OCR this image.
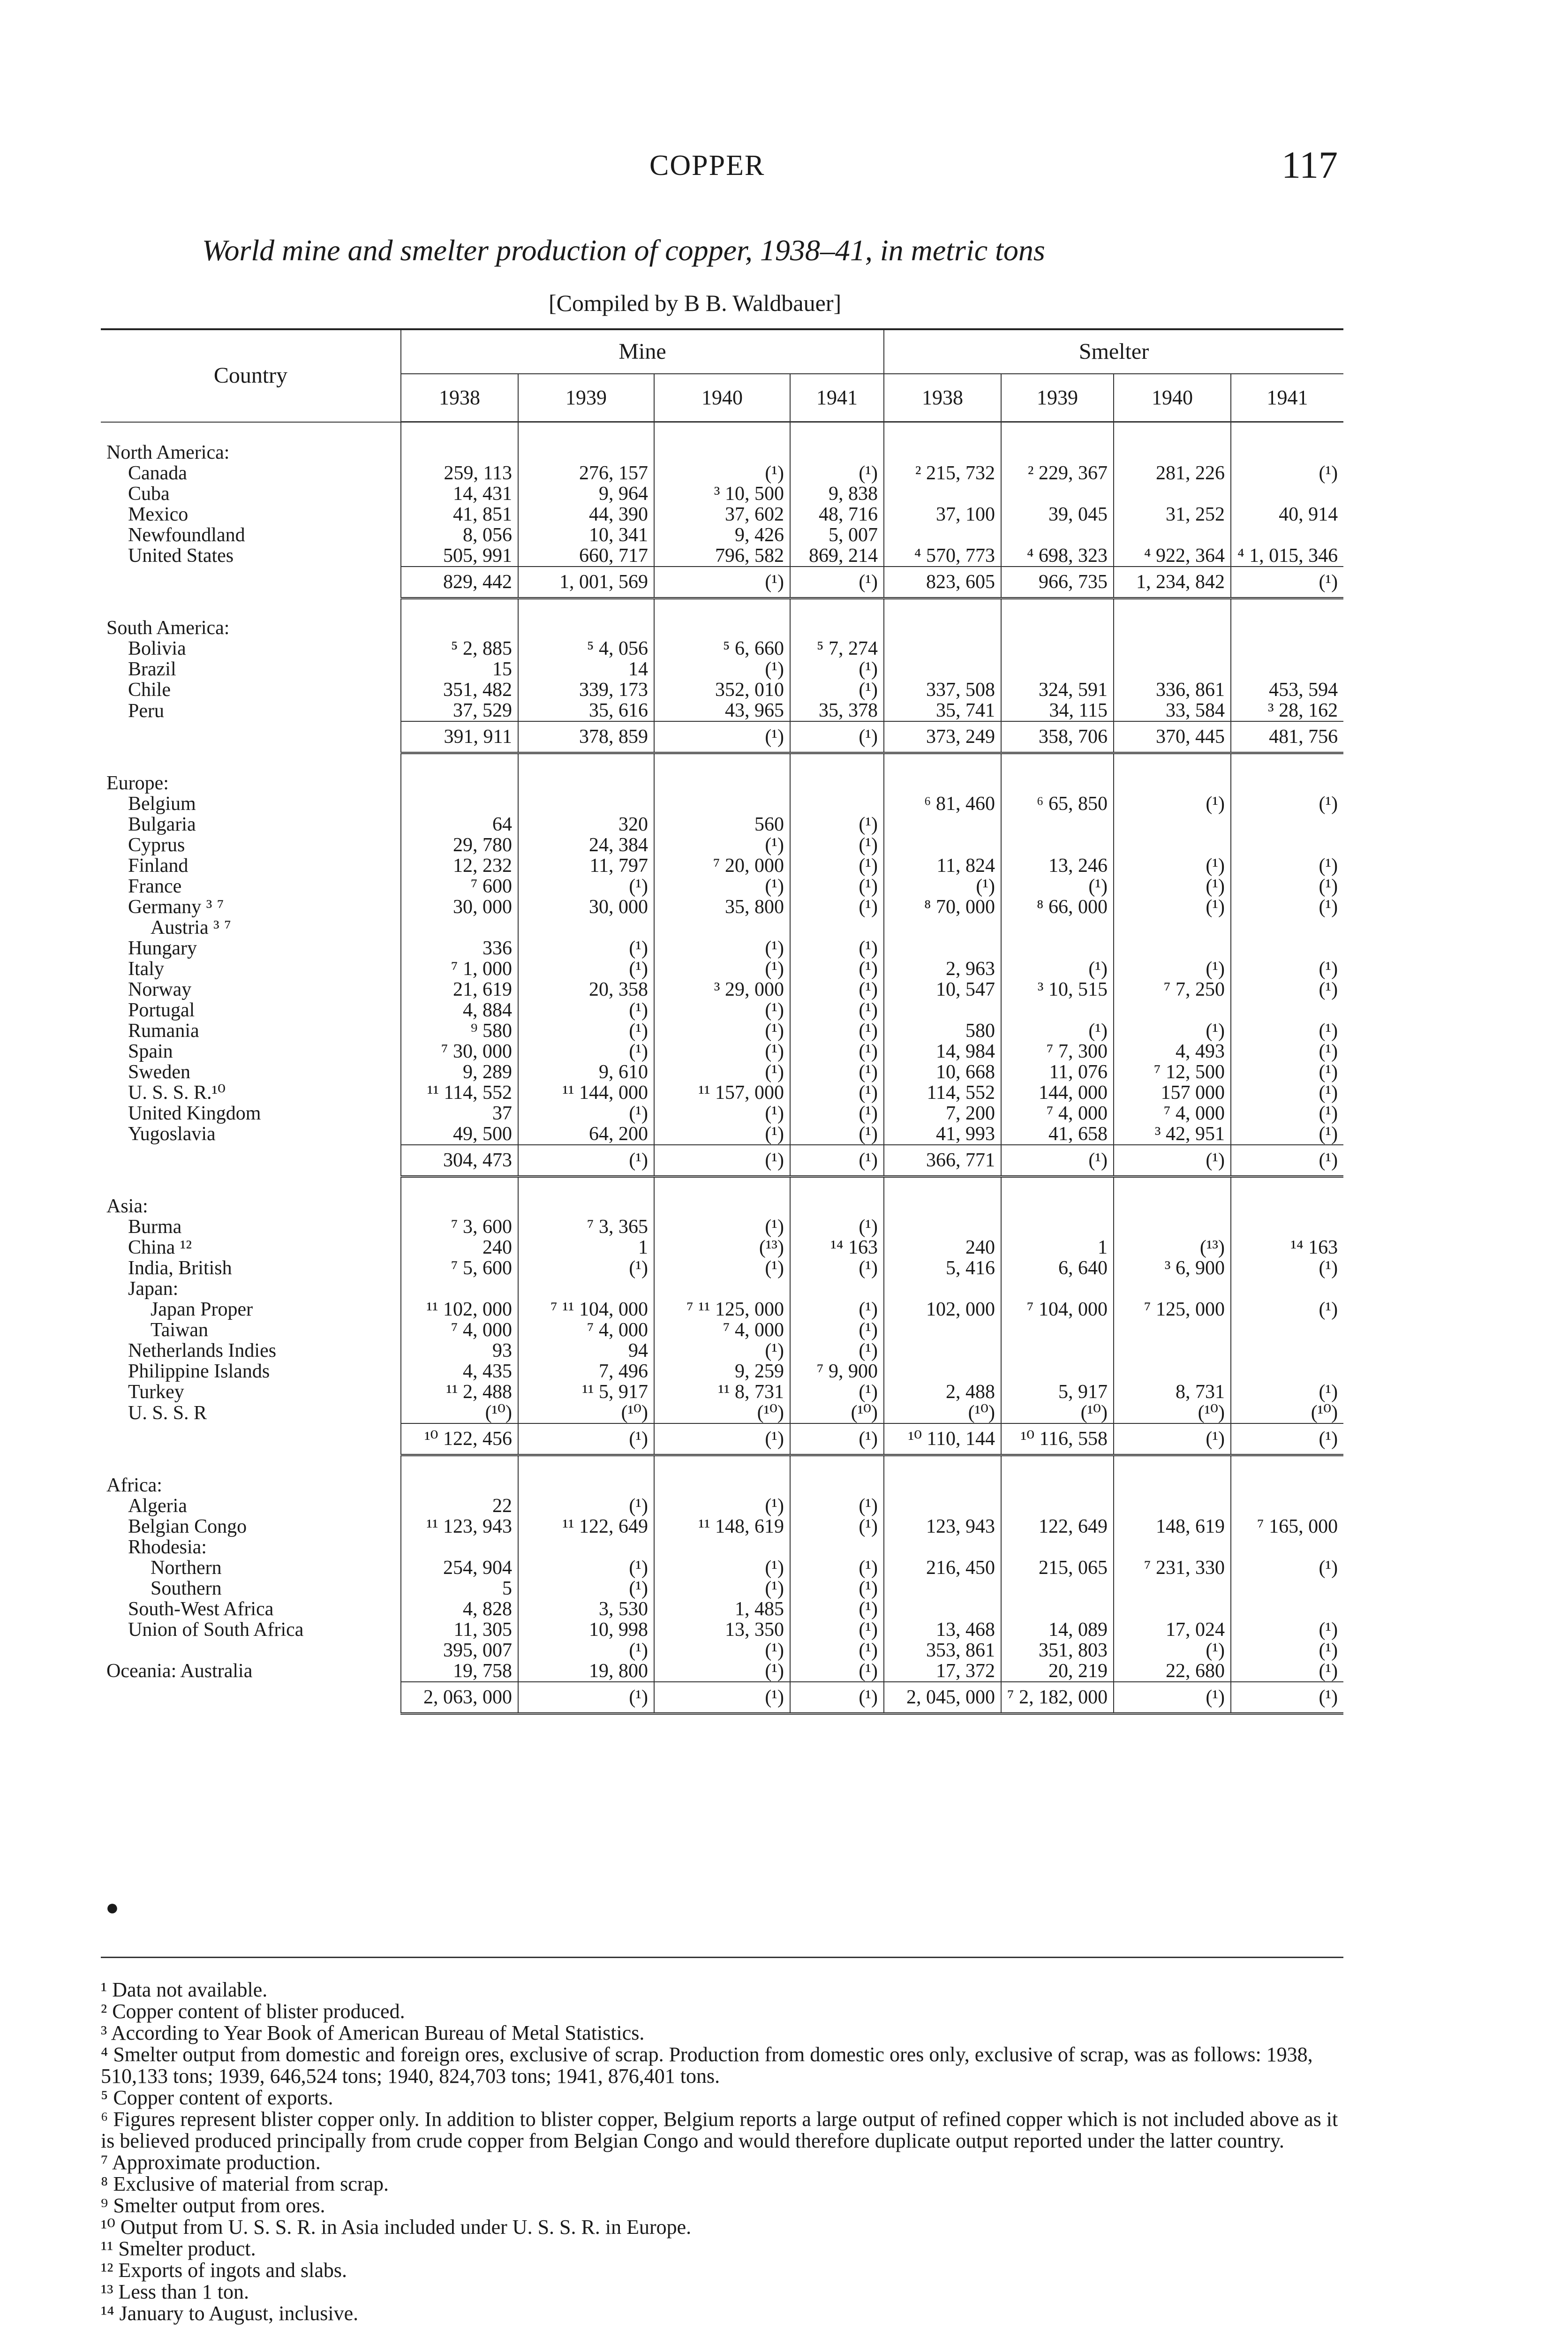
COPPER	117
World mine and smelter production of copper, 1938–41, in metric tons
[Compiled by B B. Waldbauer]

Country	Mine				Smelter			
	1938	1939	1940	1941	1938	1939	1940	1941
North America:								
Canada	259, 113	276, 157	(¹)	(¹)	² 215, 732	² 229, 367	281, 226	(¹)
Cuba	14, 431	9, 964	³ 10, 500	9, 838				
Mexico	41, 851	44, 390	37, 602	48, 716	37, 100	39, 045	31, 252	40, 914
Newfoundland	8, 056	10, 341	9, 426	5, 007				
United States	505, 991	660, 717	796, 582	869, 214	⁴ 570, 773	⁴ 698, 323	⁴ 922, 364	⁴ 1, 015, 346
	829, 442	1, 001, 569	(¹)	(¹)	823, 605	966, 735	1, 234, 842	(¹)
South America:								
Bolivia	⁵ 2, 885	⁵ 4, 056	⁵ 6, 660	⁵ 7, 274				
Brazil	15	14	(¹)	(¹)				
Chile	351, 482	339, 173	352, 010	(¹)	337, 508	324, 591	336, 861	453, 594
Peru	37, 529	35, 616	43, 965	35, 378	35, 741	34, 115	33, 584	³ 28, 162
	391, 911	378, 859	(¹)	(¹)	373, 249	358, 706	370, 445	481, 756
Europe:								
Belgium					⁶ 81, 460	⁶ 65, 850	(¹)	(¹)
Bulgaria	64	320	560	(¹)				
Cyprus	29, 780	24, 384	(¹)	(¹)				
Finland	12, 232	11, 797	⁷ 20, 000	(¹)	11, 824	13, 246	(¹)	(¹)
France	⁷ 600	(¹)	(¹)	(¹)	(¹)	(¹)	(¹)	(¹)
Germany ³ ⁷	30, 000	30, 000	35, 800	(¹)	⁸ 70, 000	⁸ 66, 000	(¹)	(¹)
Austria ³ ⁷								
Hungary	336	(¹)	(¹)	(¹)				
Italy	⁷ 1, 000	(¹)	(¹)	(¹)	2, 963	(¹)	(¹)	(¹)
Norway	21, 619	20, 358	³ 29, 000	(¹)	10, 547	³ 10, 515	⁷ 7, 250	(¹)
Portugal	4, 884	(¹)	(¹)	(¹)				
Rumania	⁹ 580	(¹)	(¹)	(¹)	580	(¹)	(¹)	(¹)
Spain	⁷ 30, 000	(¹)	(¹)	(¹)	14, 984	⁷ 7, 300	4, 493	(¹)
Sweden	9, 289	9, 610	(¹)	(¹)	10, 668	11, 076	⁷ 12, 500	(¹)
U. S. S. R.¹⁰	¹¹ 114, 552	¹¹ 144, 000	¹¹ 157, 000	(¹)	114, 552	144, 000	157 000	(¹)
United Kingdom	37	(¹)	(¹)	(¹)	7, 200	⁷ 4, 000	⁷ 4, 000	(¹)
Yugoslavia	49, 500	64, 200	(¹)	(¹)	41, 993	41, 658	³ 42, 951	(¹)
	304, 473	(¹)	(¹)	(¹)	366, 771	(¹)	(¹)	(¹)
Asia:								
Burma	⁷ 3, 600	⁷ 3, 365	(¹)	(¹)				
China ¹²	240	1	(¹³)	¹⁴ 163	240	1	(¹³)	¹⁴ 163
India, British	⁷ 5, 600	(¹)	(¹)	(¹)	5, 416	6, 640	³ 6, 900	(¹)
Japan:								
Japan Proper	¹¹ 102, 000	⁷ ¹¹ 104, 000	⁷ ¹¹ 125, 000	(¹)	102, 000	⁷ 104, 000	⁷ 125, 000	(¹)
Taiwan	⁷ 4, 000	⁷ 4, 000	⁷ 4, 000	(¹)				
Netherlands Indies	93	94	(¹)	(¹)				
Philippine Islands	4, 435	7, 496	9, 259	⁷ 9, 900				
Turkey	¹¹ 2, 488	¹¹ 5, 917	¹¹ 8, 731	(¹)	2, 488	5, 917	8, 731	(¹)
U. S. S. R	(¹⁰)	(¹⁰)	(¹⁰)	(¹⁰)	(¹⁰)	(¹⁰)	(¹⁰)	(¹⁰)
	¹⁰ 122, 456	(¹)	(¹)	(¹)	¹⁰ 110, 144	¹⁰ 116, 558	(¹)	(¹)
Africa:								
Algeria	22	(¹)	(¹)	(¹)				
Belgian Congo	¹¹ 123, 943	¹¹ 122, 649	¹¹ 148, 619	(¹)	123, 943	122, 649	148, 619	⁷ 165, 000
Rhodesia:								
Northern	254, 904	(¹)	(¹)	(¹)	216, 450	215, 065	⁷ 231, 330	(¹)
Southern	5	(¹)	(¹)	(¹)				
South-West Africa	4, 828	3, 530	1, 485	(¹)				
Union of South Africa	11, 305	10, 998	13, 350	(¹)	13, 468	14, 089	17, 024	(¹)
	395, 007	(¹)	(¹)	(¹)	353, 861	351, 803	(¹)	(¹)
Oceania: Australia	19, 758	19, 800	(¹)	(¹)	17, 372	20, 219	22, 680	(¹)
	2, 063, 000	(¹)	(¹)	(¹)	2, 045, 000	⁷ 2, 182, 000	(¹)	(¹)
●
¹ Data not available.
² Copper content of blister produced.
³ According to Year Book of American Bureau of Metal Statistics.
⁴ Smelter output from domestic and foreign ores, exclusive of scrap. Production from domestic ores only, exclusive of scrap, was as follows: 1938, 510,133 tons; 1939, 646,524 tons; 1940, 824,703 tons; 1941, 876,401 tons.
⁵ Copper content of exports.
⁶ Figures represent blister copper only. In addition to blister copper, Belgium reports a large output of refined copper which is not included above as it is believed produced principally from crude copper from Belgian Congo and would therefore duplicate output reported under the latter country.
⁷ Approximate production.
⁸ Exclusive of material from scrap.
⁹ Smelter output from ores.
¹⁰ Output from U. S. S. R. in Asia included under U. S. S. R. in Europe.
¹¹ Smelter product.
¹² Exports of ingots and slabs.
¹³ Less than 1 ton.
¹⁴ January to August, inclusive.
